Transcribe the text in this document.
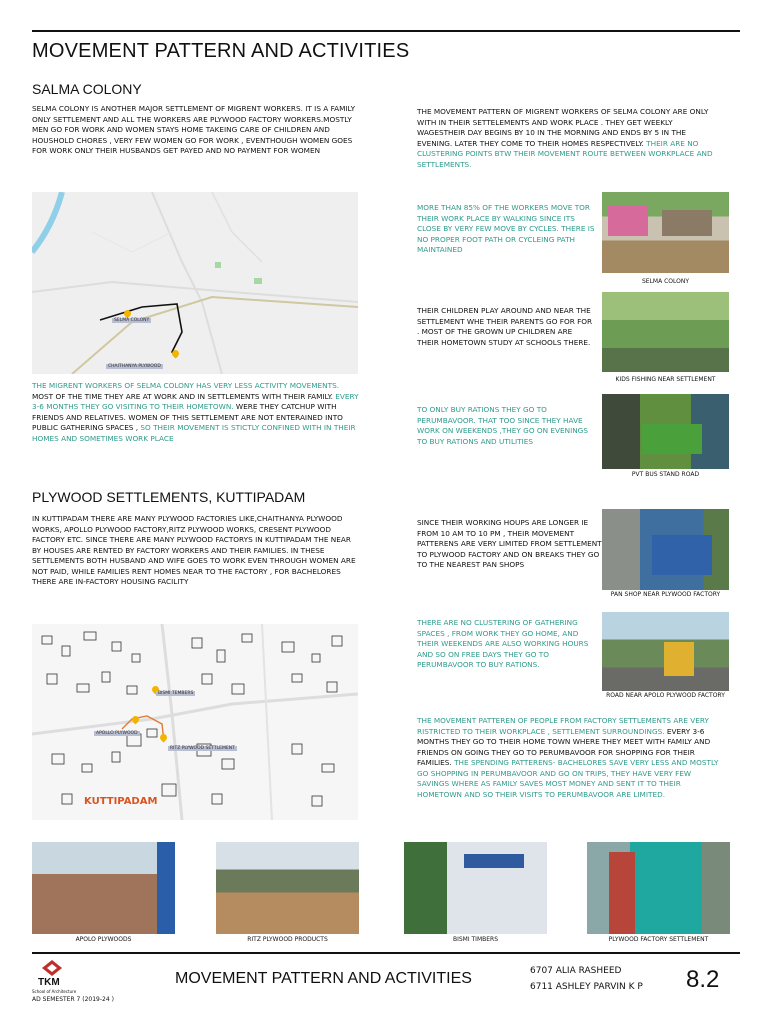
MOVEMENT PATTERN AND ACTIVITIES
SALMA COLONY
SELMA COLONY IS ANOTHER MAJOR SETTLEMENT OF MIGRENT WORKERS. IT IS A FAMILY ONLY SETTLEMENT AND ALL THE WORKERS ARE PLYWOOD FACTORY WORKERS.MOSTLY MEN GO FOR WORK AND WOMEN STAYS HOME TAKEING CARE OF CHILDREN AND HOUSHOLD CHORES , VERY FEW WOMEN GO FOR WORK , EVENTHOUGH WOMEN GOES FOR WORK ONLY THEIR HUSBANDS GET PAYED AND NO PAYMENT FOR WOMEN
SELMA COLONY
CHAITHANYA PLYWOOD
THE MIGRENT WORKERS OF SELMA COLONY HAS VERY LESS ACTIVITY MOVEMENTS. MOST OF THE TIME THEY ARE AT WORK AND IN SETTLEMENTS WITH THEIR FAMILY. EVERY 3-6 MONTHS THEY GO VISITING TO THEIR HOMETOWN. WERE THEY CATCHUP WITH FRIENDS AND RELATIVES. WOMEN OF THIS SETTLEMENT ARE NOT ENTERAINED INTO PUBLIC GATHERING SPACES , SO THEIR MOVEMENT IS STICTLY CONFINED WITH IN THEIR HOMES AND SOMETIMES WORK PLACE
THE MOVEMENT PATTERN OF MIGRENT WORKERS OF SELMA COLONY ARE ONLY WITH IN THEIR SETTELEMENTS AND WORK PLACE . THEY GET WEEKLY WAGESTHEIR DAY BEGINS BY 10 IN THE MORNING AND ENDS BY 5 IN THE EVENING. LATER THEY COME TO THEIR HOMES RESPECTIVELY. THEIR ARE NO CLUSTERING POINTS BTW THEIR MOVEMENT ROUTE BETWEEN WORKPLACE AND SETTLEMENTS.
MORE THAN 85% OF THE WORKERS MOVE TOR THEIR WORK PLACE BY WALKING SINCE ITS CLOSE BY VERY FEW MOVE BY CYCLES. THERE IS NO PROPER FOOT PATH OR CYCLEING PATH MAINTAINED
SELMA COLONY
THEIR CHILDREN PLAY AROUND AND NEAR THE SETTLEMENT WHE THEIR PARENTS GO FOR FOR . MOST OF THE GROWN UP CHILDREN ARE THEIR HOMETOWN STUDY AT SCHOOLS THERE.
KIDS FISHING NEAR SETTLEMENT
TO ONLY BUY RATIONS THEY GO TO PERUMBAVOOR. THAT TOO SINCE THEY HAVE WORK ON WEEKENDS ,THEY GO ON EVENINGS TO BUY RATIONS AND UTILITIES
PVT BUS STAND ROAD
PLYWOOD SETTLEMENTS, KUTTIPADAM
IN KUTTIPADAM THERE ARE MANY PLYWOOD FACTORIES LIKE,CHAITHANYA PLYWOOD WORKS, APOLLO PLYWOOD FACTORY,RITZ PLYWOOD WORKS, CRESENT PLYWOOD FACTORY ETC. SINCE THERE ARE MANY PLYWOOD FACTORYS IN KUTTIPADAM THE NEAR BY HOUSES ARE RENTED BY FACTORY WORKERS AND THEIR FAMILIES. IN THESE SETTLEMENTS BOTH HUSBAND AND WIFE GOES TO WORK EVEN THROUGH WOMEN ARE NOT PAID, WHILE FAMILIES RENT HOMES NEAR TO THE FACTORY , FOR BACHELORES THERE ARE IN-FACTORY HOUSING FACILITY
BISMI TEMBERS
APOLLO PLYWOOD
RITZ PLYWOOD SETTLEMENT
KUTTIPADAM
SINCE THEIR WORKING HOUPS ARE LONGER IE FROM 10 AM TO 10 PM , THEIR MOVEMENT PATTERENS ARE VERY LIMITED FROM SETTLEMENT TO PLYWOOD FACTORY AND ON BREAKS THEY GO TO THE NEAREST PAN SHOPS
PAN SHOP NEAR PLYWOOD FACTORY
THERE ARE NO CLUSTERING OF GATHERING SPACES , FROM WORK THEY GO HOME, AND THEIR WEEKENDS ARE ALSO WORKING HOURS AND SO ON FREE DAYS THEY GO TO PERUMBAVOOR TO BUY RATIONS.
ROAD NEAR APOLO PLYWOOD FACTORY
THE MOVEMENT PATTEREN OF PEOPLE FROM FACTORY SETTLEMENTS ARE VERY RISTRICTED TO THEIR WORKPLACE , SETTLEMENT SURROUNDINGS. EVERY 3-6 MONTHS THEY GO TO THEIR HOME TOWN WHERE THEY MEET WITH FAMILY AND FRIENDS ON GOING THEY GO TO PERUMBAVOOR FOR SHOPPING FOR THEIR FAMILIES. THE SPENDING PATTERENS- BACHELORES SAVE VERY LESS AND MOSTLY GO SHOPPING IN PERUMBAVOOR AND GO ON TRIPS, THEY HAVE VERY FEW SAVINGS WHERE AS FAMILY SAVES MOST MONEY AND SENT IT TO THEIR HOMETOWN AND SO THEIR VISITS TO PERUMBAVOOR ARE LIMITED.
APOLO PLYWOODS	RITZ PLYWOOD PRODUCTS	BISMI TIMBERS	PLYWOOD FACTORY SETTLEMENT
TKM
School of Architecture
AD SEMESTER 7 (2019-24 )
MOVEMENT PATTERN AND ACTIVITIES	6707 ALIA RASHEED
6711 ASHLEY PARVIN K P 8.2
